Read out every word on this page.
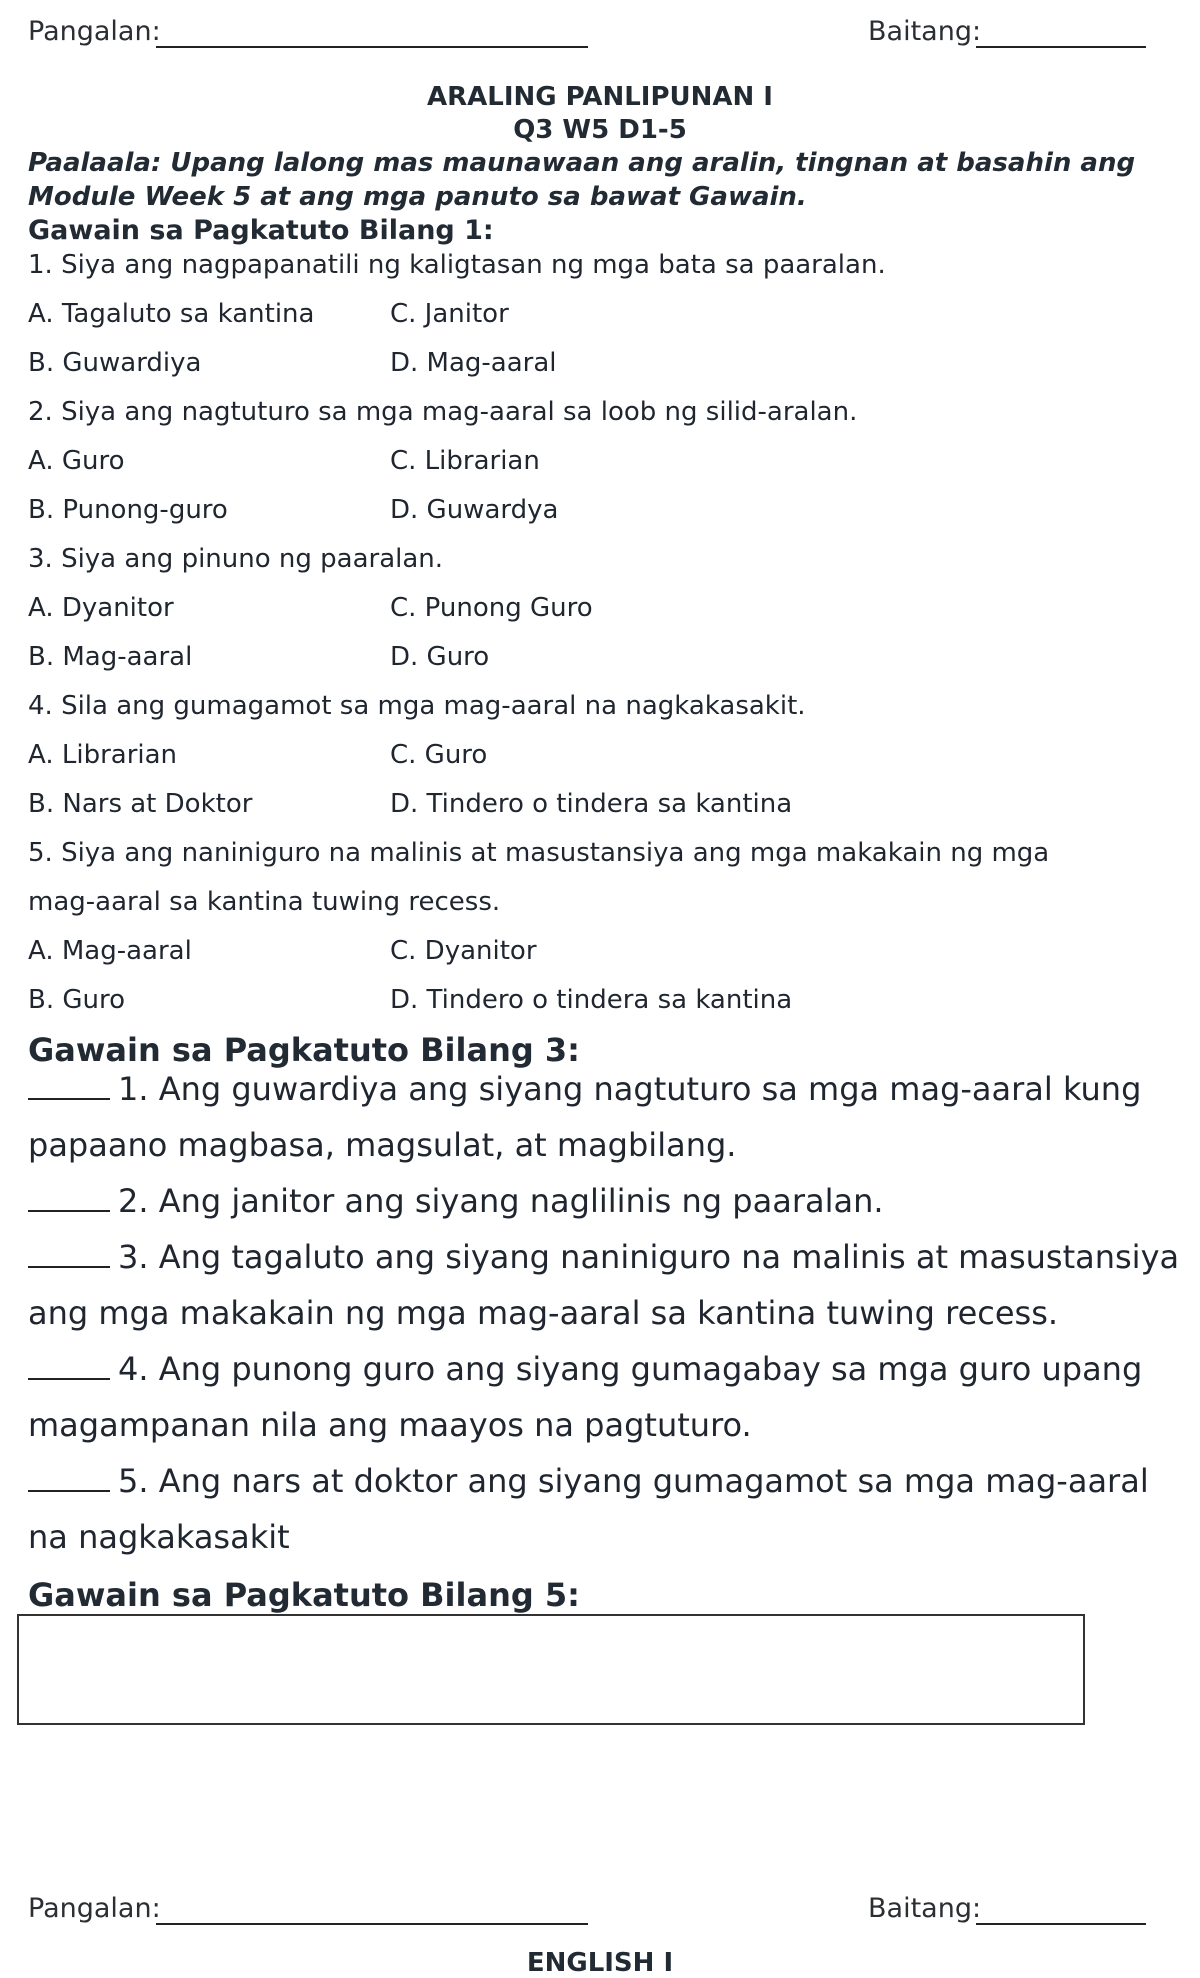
Pangalan:	Baitang:
ARALING PANLIPUNAN I
Q3 W5 D1-5
Paalaala: Upang lalong mas maunawaan ang aralin, tingnan at basahin ang
Module Week 5 at ang mga panuto sa bawat Gawain.
Gawain sa Pagkatuto Bilang 1:
1. Siya ang nagpapanatili ng kaligtasan ng mga bata sa paaralan.
A. Tagaluto sa kantina	C. Janitor
B. Guwardiya	D. Mag-aaral
2. Siya ang nagtuturo sa mga mag-aaral sa loob ng silid-aralan.
A. Guro	C. Librarian
B. Punong-guro	D. Guwardya
3. Siya ang pinuno ng paaralan.
A. Dyanitor	C. Punong Guro
B. Mag-aaral	D. Guro
4. Sila ang gumagamot sa mga mag-aaral na nagkakasakit.
A. Librarian	C. Guro
B. Nars at Doktor	D. Tindero o tindera sa kantina
5. Siya ang naniniguro na malinis at masustansiya ang mga makakain ng mga
mag-aaral sa kantina tuwing recess.
A. Mag-aaral	C. Dyanitor
B. Guro	D. Tindero o tindera sa kantina
Gawain sa Pagkatuto Bilang 3:
1. Ang guwardiya ang siyang nagtuturo sa mga mag-aaral kung
papaano magbasa, magsulat, at magbilang.
2. Ang janitor ang siyang naglilinis ng paaralan.
3. Ang tagaluto ang siyang naniniguro na malinis at masustansiya
ang mga makakain ng mga mag-aaral sa kantina tuwing recess.
4. Ang punong guro ang siyang gumagabay sa mga guro upang
magampanan nila ang maayos na pagtuturo.
5. Ang nars at doktor ang siyang gumagamot sa mga mag-aaral
na nagkakasakit
Gawain sa Pagkatuto Bilang 5:
Pangalan:	Baitang:
ENGLISH I
